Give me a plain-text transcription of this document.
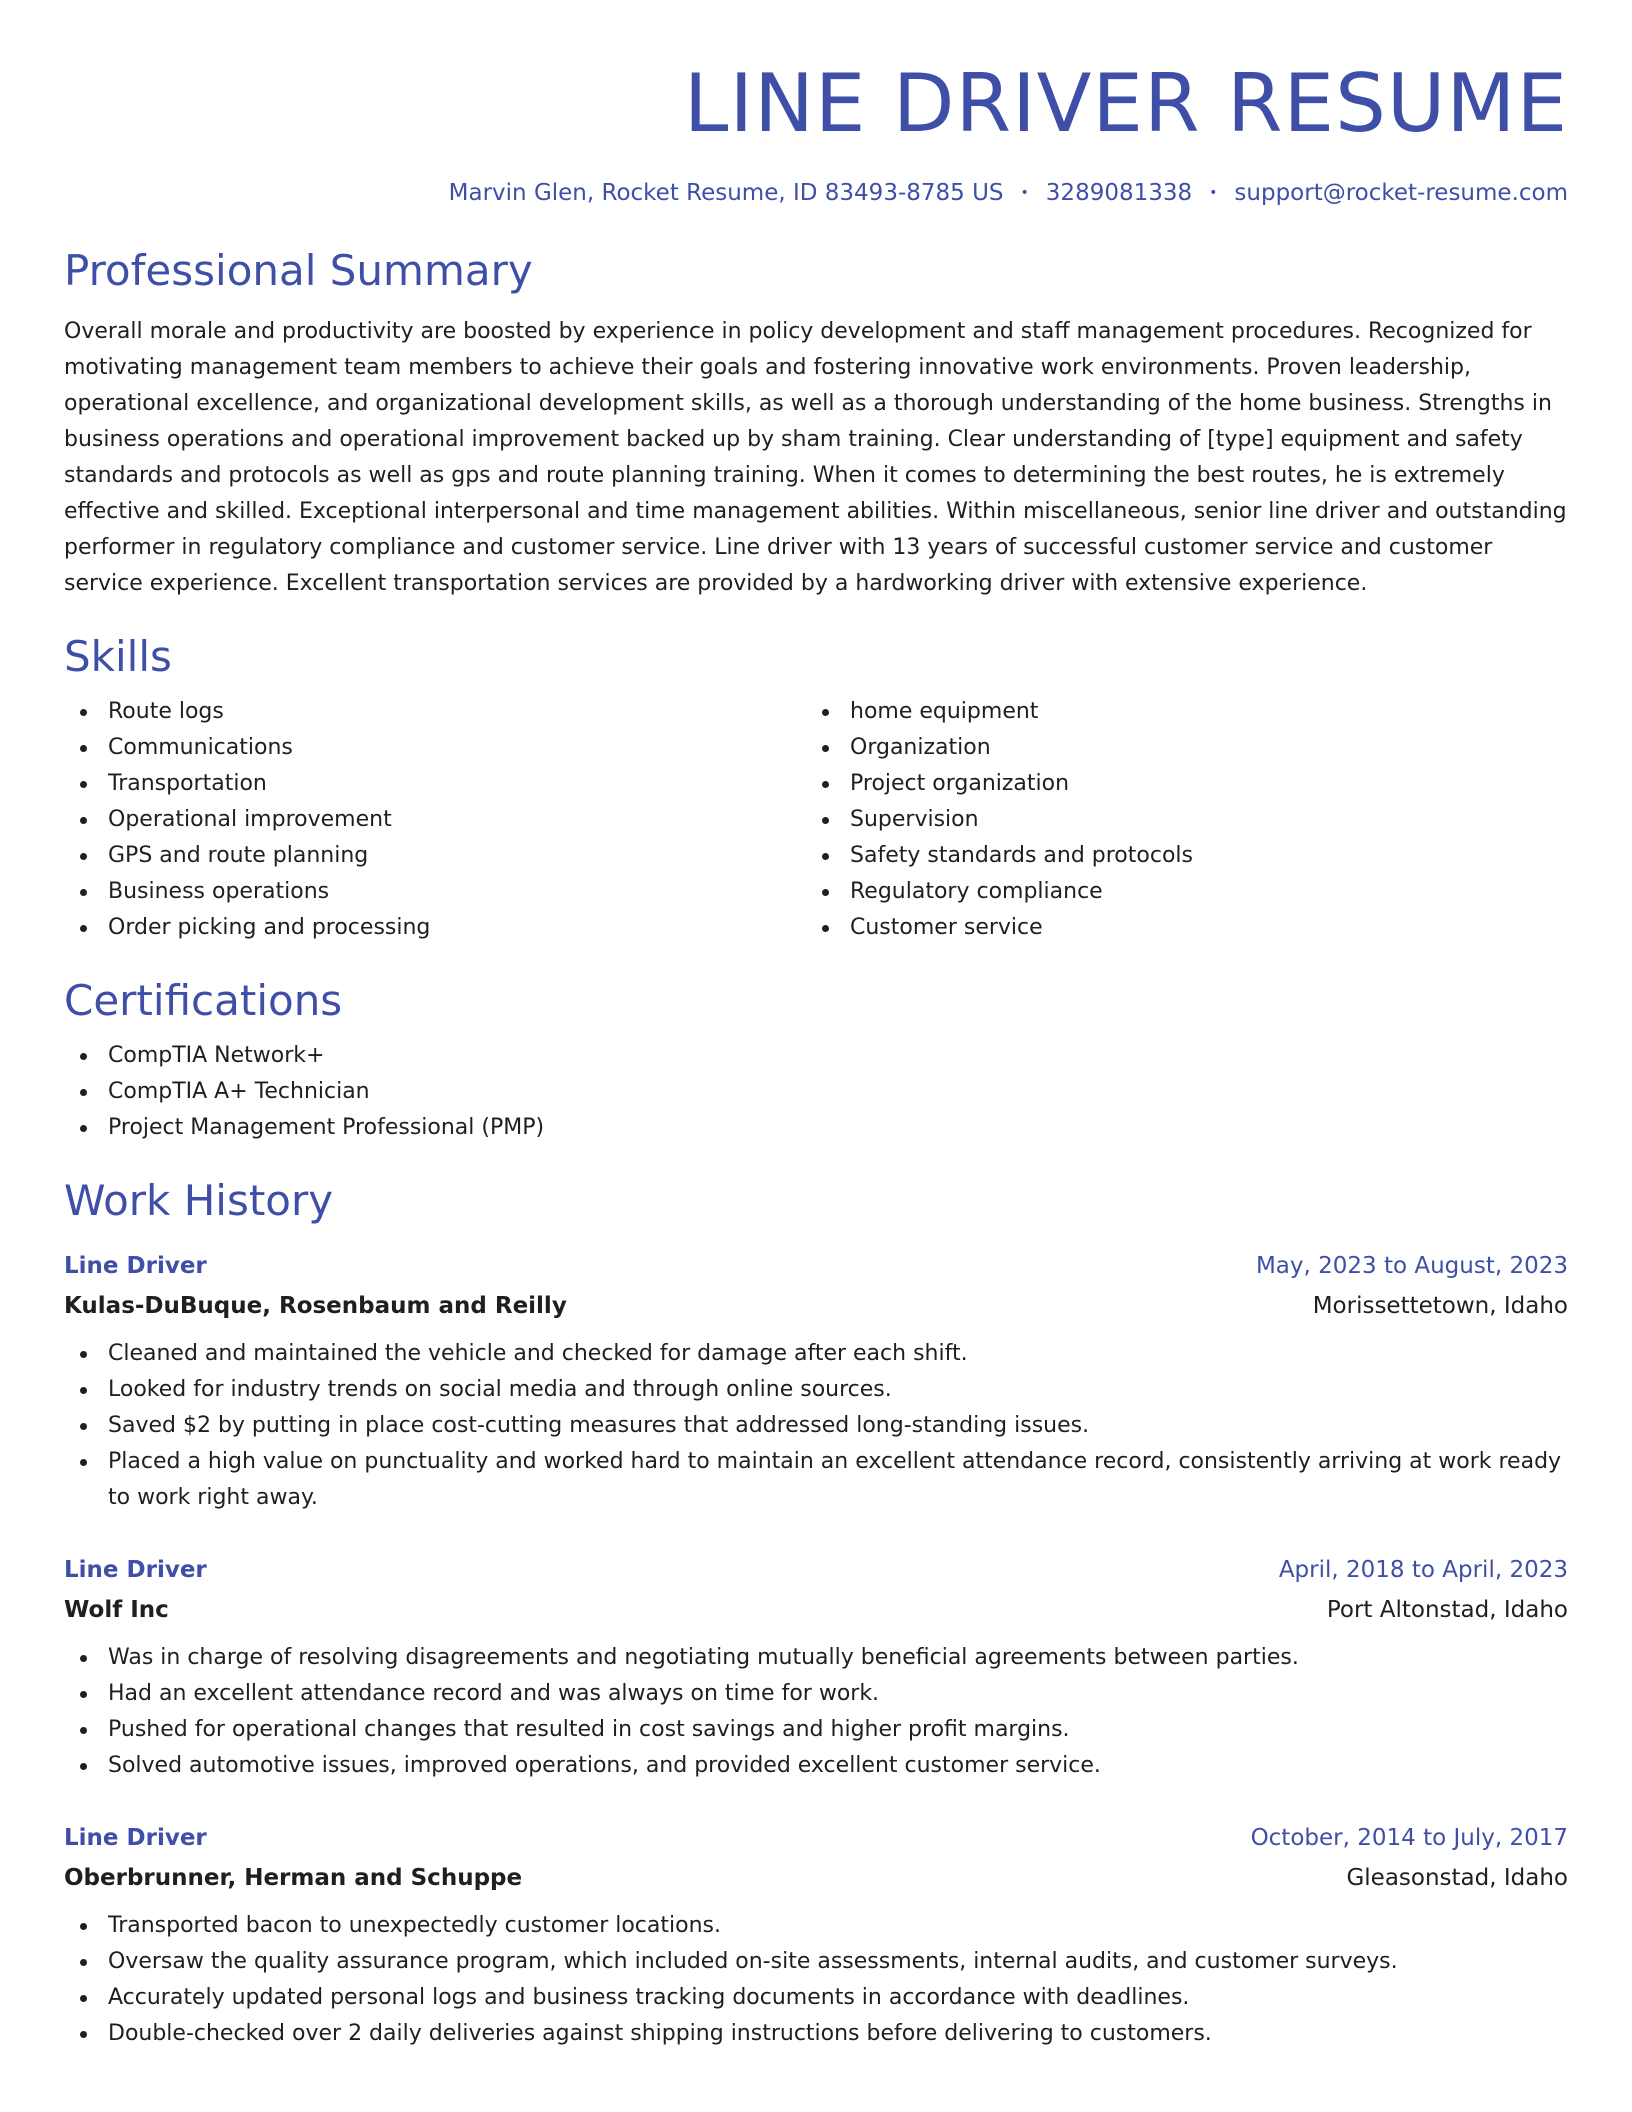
LINE DRIVER RESUME
Marvin Glen, Rocket Resume, ID 83493-8785 US • 3289081338 • support@rocket-resume.com
Professional Summary

Overall morale and productivity are boosted by experience in policy development and staff management procedures. Recognized for motivating management team members to achieve their goals and fostering innovative work environments. Proven leadership, operational excellence, and organizational development skills, as well as a thorough understanding of the home business. Strengths in business operations and operational improvement backed up by sham training. Clear understanding of [type] equipment and safety standards and protocols as well as gps and route planning training. When it comes to determining the best routes, he is extremely effective and skilled. Exceptional interpersonal and time management abilities. Within miscellaneous, senior line driver and outstanding performer in regulatory compliance and customer service. Line driver with 13 years of successful customer service and customer service experience. Excellent transportation services are provided by a hardworking driver with extensive experience.

Skills
Route logs
Communications
Transportation
Operational improvement
GPS and route planning
Business operations
Order picking and processing
home equipment
Organization
Project organization
Supervision
Safety standards and protocols
Regulatory compliance
Customer service
Certifications
CompTIA Network+
CompTIA A+ Technician
Project Management Professional (PMP)
Work History
Line Driver	May, 2023 to August, 2023
Kulas-DuBuque, Rosenbaum and Reilly	Morissettetown, Idaho
Cleaned and maintained the vehicle and checked for damage after each shift.
Looked for industry trends on social media and through online sources.
Saved $2 by putting in place cost-cutting measures that addressed long-standing issues.
Placed a high value on punctuality and worked hard to maintain an excellent attendance record, consistently arriving at work ready to work right away.
Line Driver	April, 2018 to April, 2023
Wolf Inc	Port Altonstad, Idaho
Was in charge of resolving disagreements and negotiating mutually beneficial agreements between parties.
Had an excellent attendance record and was always on time for work.
Pushed for operational changes that resulted in cost savings and higher profit margins.
Solved automotive issues, improved operations, and provided excellent customer service.
Line Driver	October, 2014 to July, 2017
Oberbrunner, Herman and Schuppe	Gleasonstad, Idaho
Transported bacon to unexpectedly customer locations.
Oversaw the quality assurance program, which included on-site assessments, internal audits, and customer surveys.
Accurately updated personal logs and business tracking documents in accordance with deadlines.
Double-checked over 2 daily deliveries against shipping instructions before delivering to customers.
